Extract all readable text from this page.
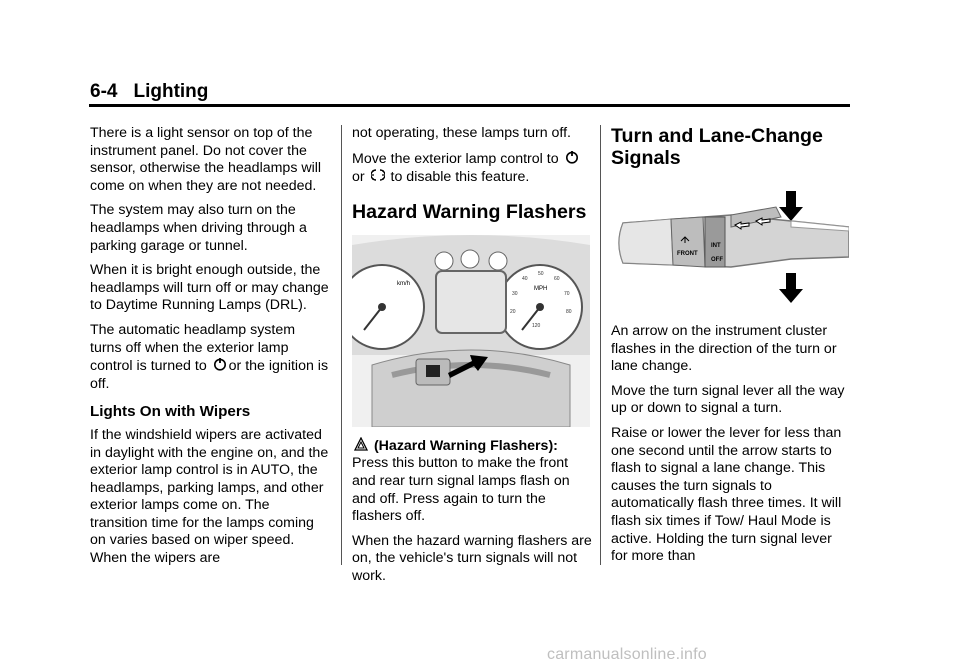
6-4 Lighting

There is a light sensor on top of the instrument panel. Do not cover the sensor, otherwise the headlamps will come on when they are not needed.

The system may also turn on the headlamps when driving through a parking garage or tunnel.

When it is bright enough outside, the headlamps will turn off or may change to Daytime Running Lamps (DRL).

The automatic headlamp system turns off when the exterior lamp control is turned to or the ignition is off.

Lights On with Wipers

If the windshield wipers are activated in daylight with the engine on, and the exterior lamp control is in AUTO, the headlamps, parking lamps, and other exterior lamps come on. The transition time for the lamps coming on varies based on wiper speed. When the wipers are

not operating, these lamps turn off.

Move the exterior lamp control to
or to disable this feature.

Hazard Warning Flashers
km/h
MPH
20
30
40
50
60
70
80
120

(Hazard Warning Flashers):
Press this button to make the front and rear turn signal lamps flash on and off. Press again to turn the flashers off.

When the hazard warning flashers are on, the vehicle's turn signals will not work.

Turn and Lane-Change Signals
FRONT
INT
OFF

An arrow on the instrument cluster flashes in the direction of the turn or lane change.

Move the turn signal lever all the way up or down to signal a turn.

Raise or lower the lever for less than one second until the arrow starts to flash to signal a lane change. This causes the turn signals to automatically flash three times. It will flash six times if Tow/ Haul Mode is active. Holding the turn signal lever for more than

carmanualsonline.info
